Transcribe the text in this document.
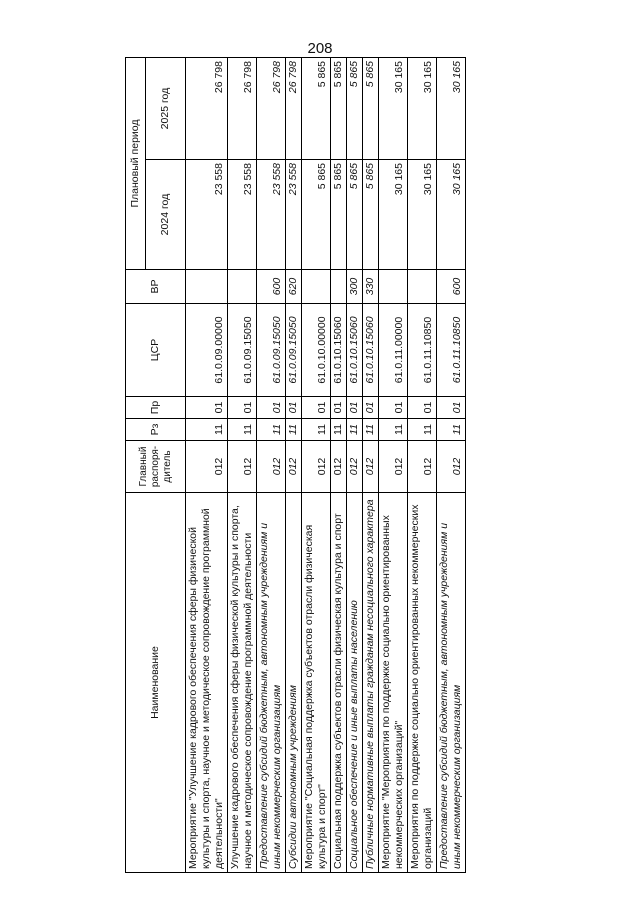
208
Наименование	Главный распоря-дитель	Рз	Пр	ЦСР	ВР	Плановый период	
						2024 год	2025 год
Мероприятие "Улучшение кадрового обеспечения сферы физической культуры и спорта, научное и методическое сопровождение программной деятельности"	012	11	01	61.0.09.00000		23 558	26 798
Улучшение кадрового обеспечения сферы физической культуры и спорта, научное и методическое сопровождение программной деятельности	012	11	01	61.0.09.15050		23 558	26 798
Предоставление субсидий бюджетным, автономным учреждениям и иным некоммерческим организациям	012	11	01	61.0.09.15050	600	23 558	26 798
Субсидии автономным учреждениям	012	11	01	61.0.09.15050	620	23 558	26 798
Мероприятие "Социальная поддержка субъектов отрасли физическая культура и спорт"	012	11	01	61.0.10.00000		5 865	5 865
Социальная поддержка субъектов отрасли физическая культура и спорт	012	11	01	61.0.10.15060		5 865	5 865
Социальное обеспечение и иные выплаты населению	012	11	01	61.0.10.15060	300	5 865	5 865
Публичные нормативные выплаты гражданам несоциального характера	012	11	01	61.0.10.15060	330	5 865	5 865
Мероприятие "Мероприятия по поддержке социально ориентированных некоммерческих организаций"	012	11	01	61.0.11.00000		30 165	30 165
Мероприятия по поддержке социально ориентированных некоммерческих организаций	012	11	01	61.0.11.10850		30 165	30 165
Предоставление субсидий бюджетным, автономным учреждениям и иным некоммерческим организациям	012	11	01	61.0.11.10850	600	30 165	30 165
